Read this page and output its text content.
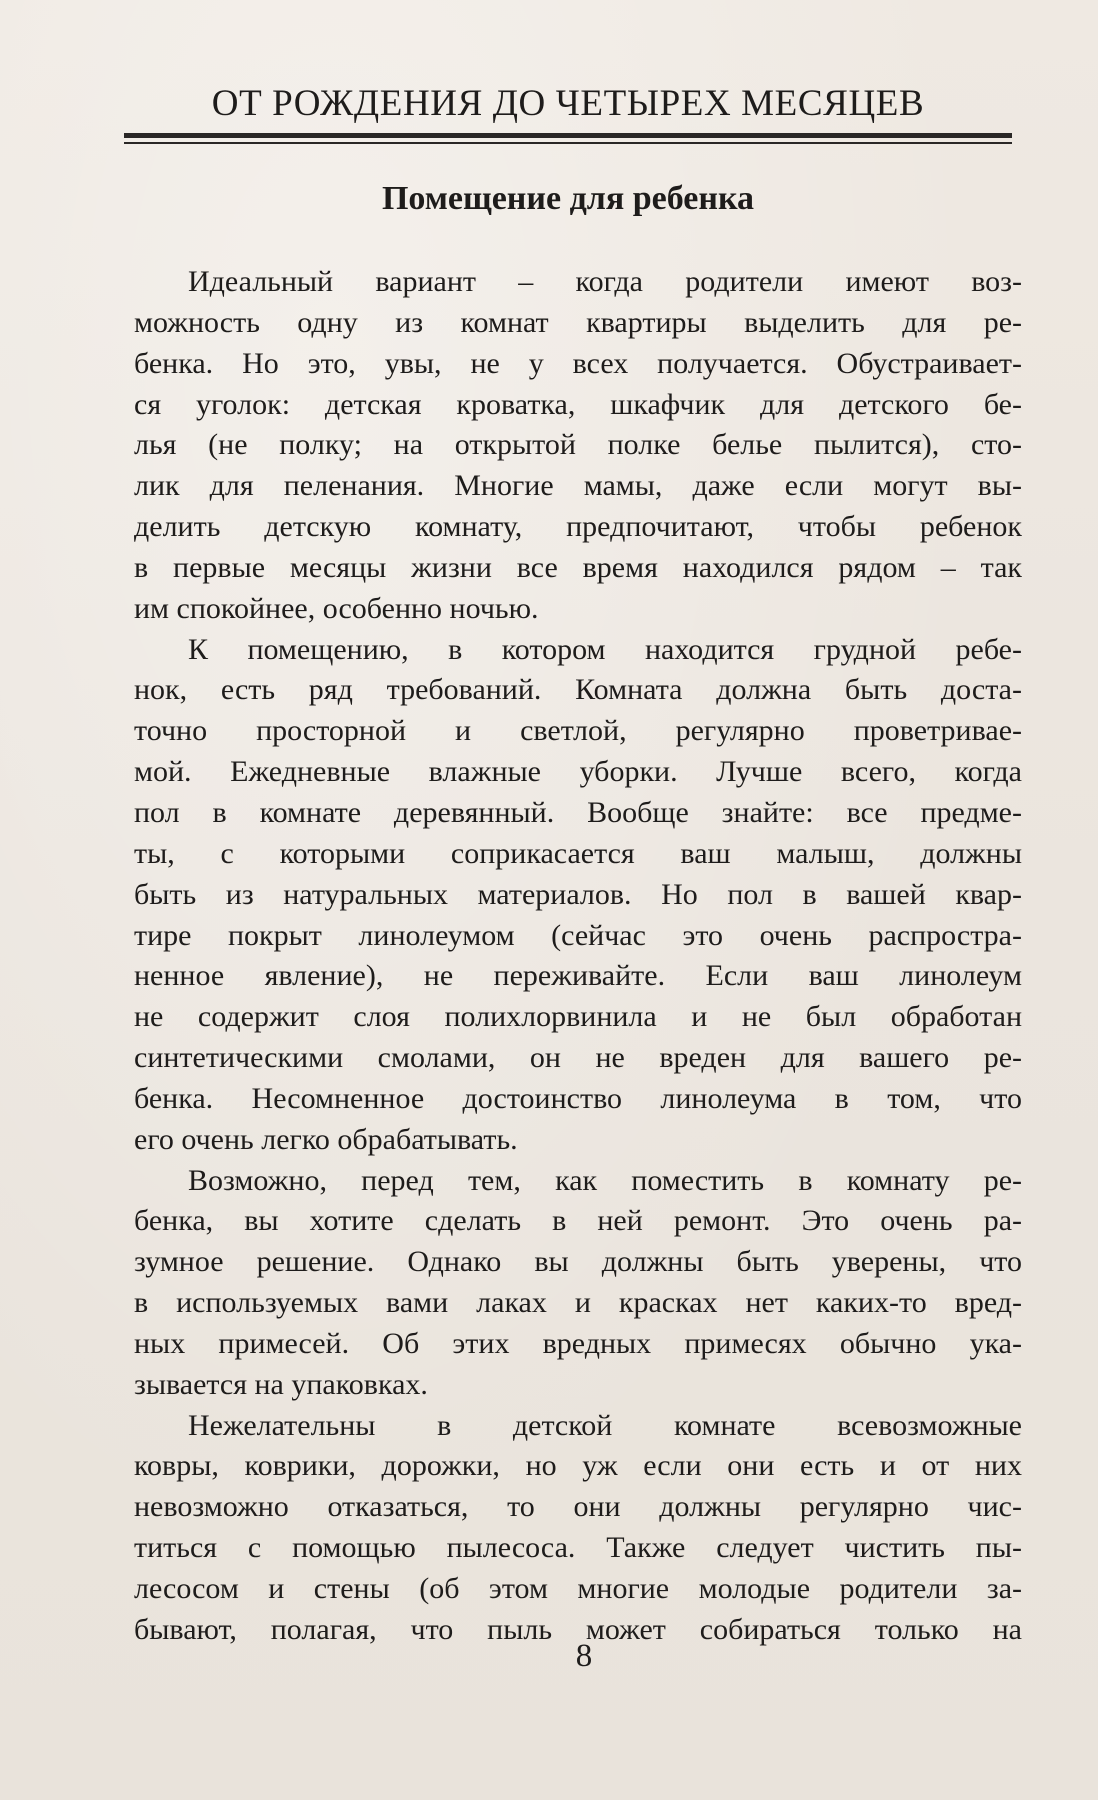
ОТ РОЖДЕНИЯ ДО ЧЕТЫРЕХ МЕСЯЦЕВ
Помещение для ребенка
Идеальный вариант – когда родители имеют воз-
можность одну из комнат квартиры выделить для ре-
бенка. Но это, увы, не у всех получается. Обустраивает-
ся уголок: детская кроватка, шкафчик для детского бе-
лья (не полку; на открытой полке белье пылится), сто-
лик для пеленания. Многие мамы, даже если могут вы-
делить детскую комнату, предпочитают, чтобы ребенок
в первые месяцы жизни все время находился рядом – так
им спокойнее, особенно ночью.
К помещению, в котором находится грудной ребе-
нок, есть ряд требований. Комната должна быть доста-
точно просторной и светлой, регулярно проветривае-
мой. Ежедневные влажные уборки. Лучше всего, когда
пол в комнате деревянный. Вообще знайте: все предме-
ты, с которыми соприкасается ваш малыш, должны
быть из натуральных материалов. Но пол в вашей квар-
тире покрыт линолеумом (сейчас это очень распростра-
ненное явление), не переживайте. Если ваш линолеум
не содержит слоя полихлорвинила и не был обработан
синтетическими смолами, он не вреден для вашего ре-
бенка. Несомненное достоинство линолеума в том, что
его очень легко обрабатывать.
Возможно, перед тем, как поместить в комнату ре-
бенка, вы хотите сделать в ней ремонт. Это очень ра-
зумное решение. Однако вы должны быть уверены, что
в используемых вами лаках и красках нет каких-то вред-
ных примесей. Об этих вредных примесях обычно ука-
зывается на упаковках.
Нежелательны в детской комнате всевозможные
ковры, коврики, дорожки, но уж если они есть и от них
невозможно отказаться, то они должны регулярно чис-
титься с помощью пылесоса. Также следует чистить пы-
лесосом и стены (об этом многие молодые родители за-
бывают, полагая, что пыль может собираться только на
8
